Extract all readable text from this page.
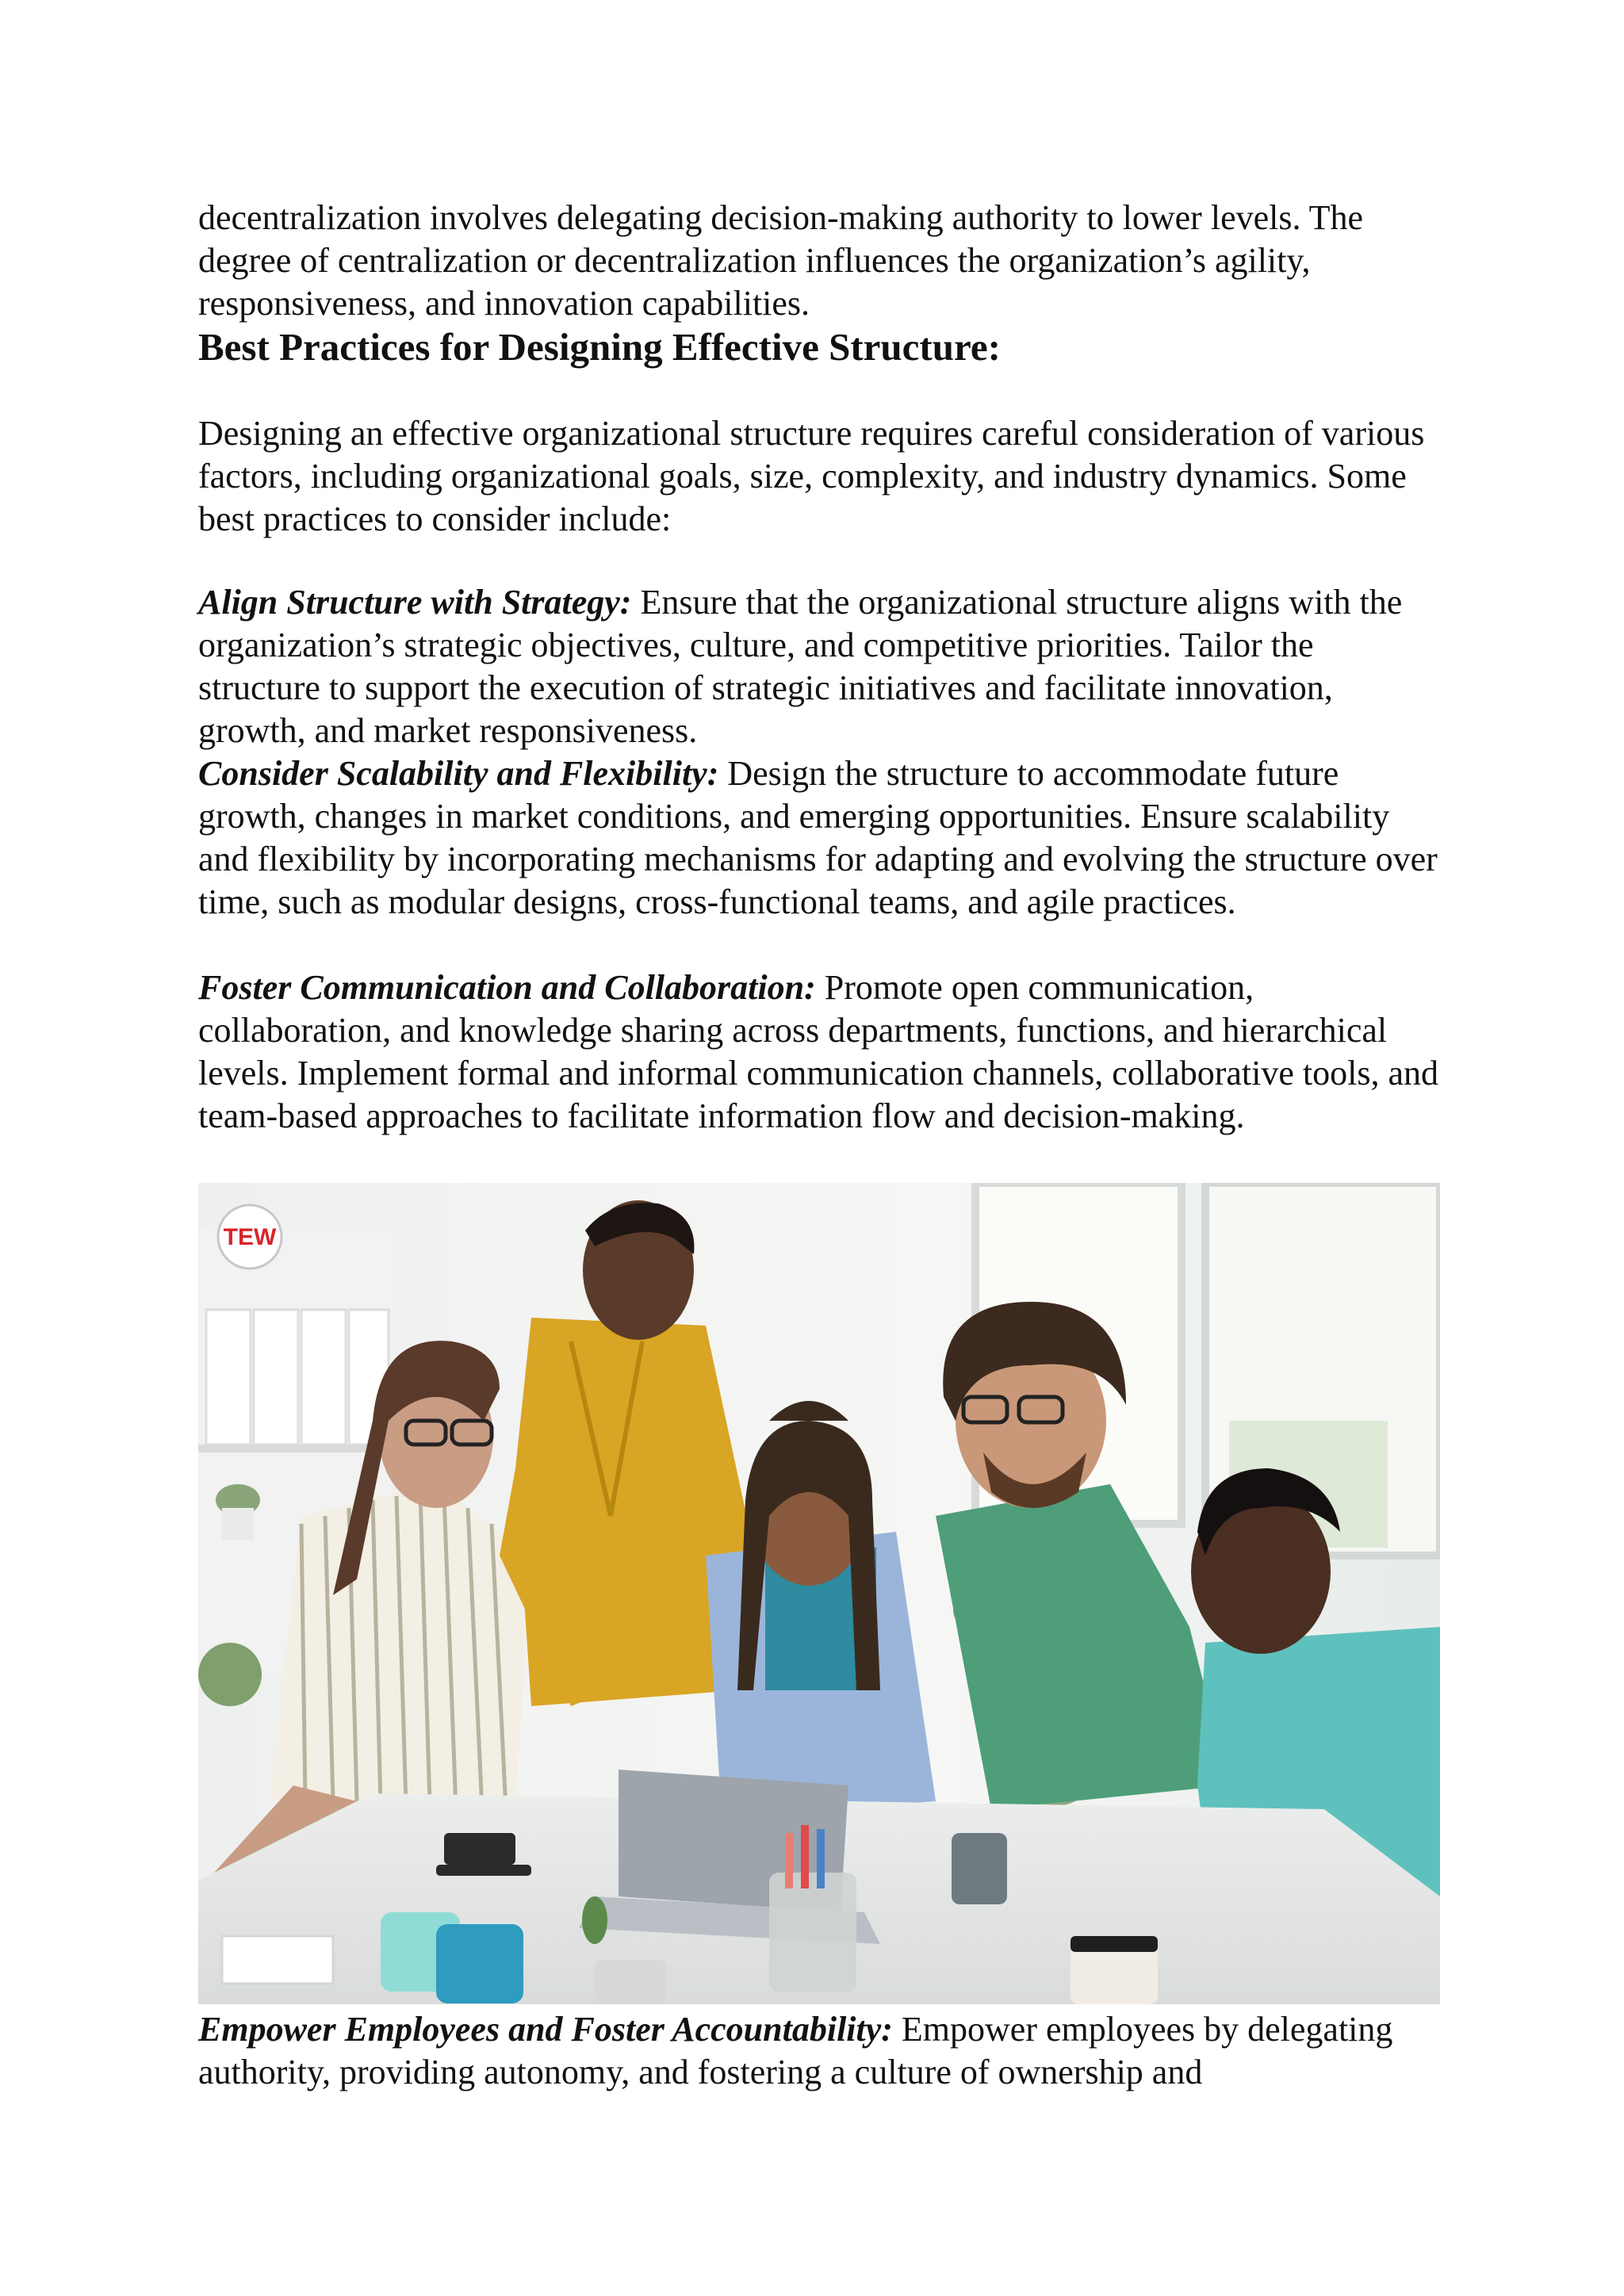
decentralization involves delegating decision-making authority to lower levels. The degree of centralization or decentralization influences the organization’s agility, responsiveness, and innovation capabilities.

Best Practices for Designing Effective Structure:

Designing an effective organizational structure requires careful consideration of various factors, including organizational goals, size, complexity, and industry dynamics. Some best practices to consider include:

Align Structure with Strategy: Ensure that the organizational structure aligns with the organization’s strategic objectives, culture, and competitive priorities. Tailor the structure to support the execution of strategic initiatives and facilitate innovation, growth, and market responsiveness.

Consider Scalability and Flexibility: Design the structure to accommodate future growth, changes in market conditions, and emerging opportunities. Ensure scalability and flexibility by incorporating mechanisms for adapting and evolving the structure over time, such as modular designs, cross-functional teams, and agile practices.

Foster Communication and Collaboration: Promote open communication, collaboration, and knowledge sharing across departments, functions, and hierarchical levels. Implement formal and informal communication channels, collaborative tools, and team-based approaches to facilitate information flow and decision-making.

TEW

Empower Employees and Foster Accountability: Empower employees by delegating authority, providing autonomy, and fostering a culture of ownership and
